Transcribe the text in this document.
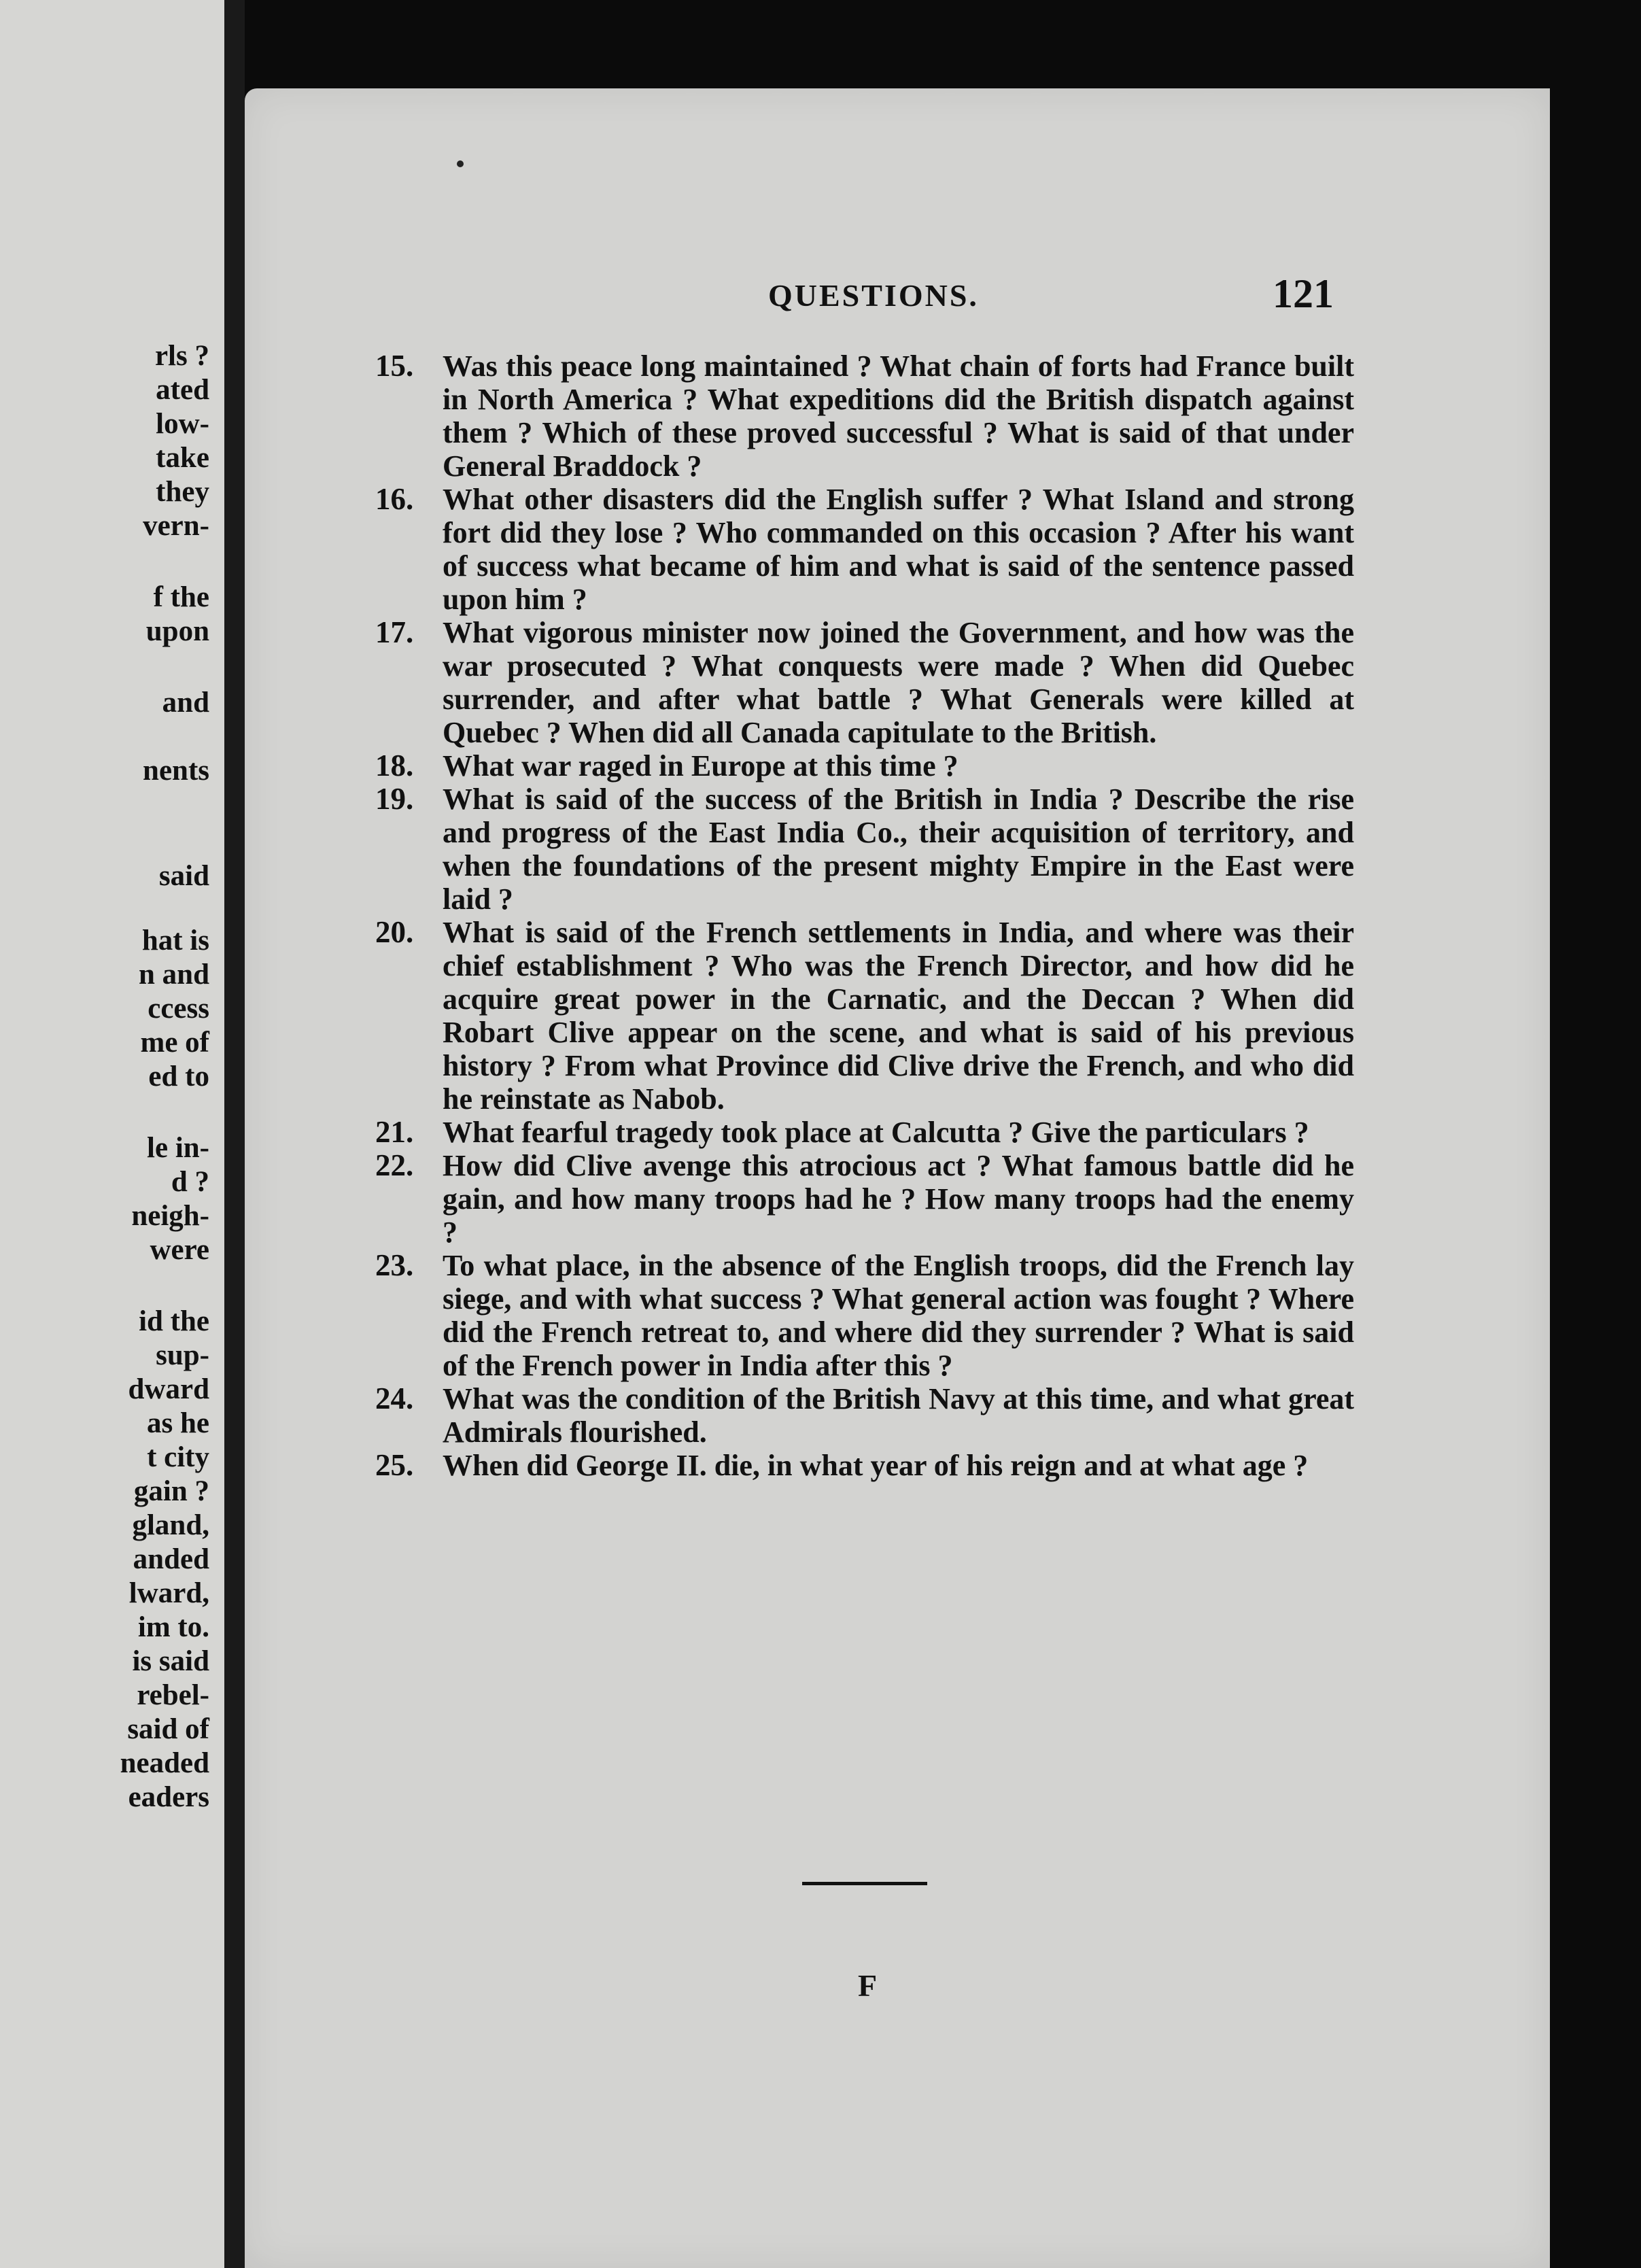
rls ?
ated
low-
take
they
vern-
f the
upon
and
nents
said
hat is
n and
ccess
me of
ed to
le in-
d ?
neigh-
were
id the
sup-
dward
as he
t city
gain ?
gland,
anded
lward,
im to.
is said
rebel-
said of
neaded
eaders
QUESTIONS.	121
15. Was this peace long maintained ? What chain of forts had France built in North America ? What expeditions did the British dispatch against them ? Which of these proved successful ? What is said of that under General Braddock ?
16. What other disasters did the English suffer ? What Island and strong fort did they lose ? Who commanded on this occasion ? After his want of success what became of him and what is said of the sentence passed upon him ?
17. What vigorous minister now joined the Government, and how was the war prosecuted ? What conquests were made ? When did Quebec surrender, and after what battle ? What Generals were killed at Quebec ? When did all Canada capitulate to the British.
18. What war raged in Europe at this time ?
19. What is said of the success of the British in India ? Describe the rise and progress of the East India Co., their acquisition of territory, and when the foundations of the present mighty Empire in the East were laid ?
20. What is said of the French settlements in India, and where was their chief establishment ? Who was the French Director, and how did he acquire great power in the Carnatic, and the Deccan ? When did Robart Clive appear on the scene, and what is said of his previous history ? From what Province did Clive drive the French, and who did he reinstate as Nabob.
21. What fearful tragedy took place at Calcutta ? Give the particulars ?
22. How did Clive avenge this atrocious act ? What famous battle did he gain, and how many troops had he ? How many troops had the enemy ?
23. To what place, in the absence of the English troops, did the French lay siege, and with what success ? What general action was fought ? Where did the French retreat to, and where did they surrender ? What is said of the French power in India after this ?
24. What was the condition of the British Navy at this time, and what great Admirals flourished.
25. When did George II. die, in what year of his reign and at what age ?
F
